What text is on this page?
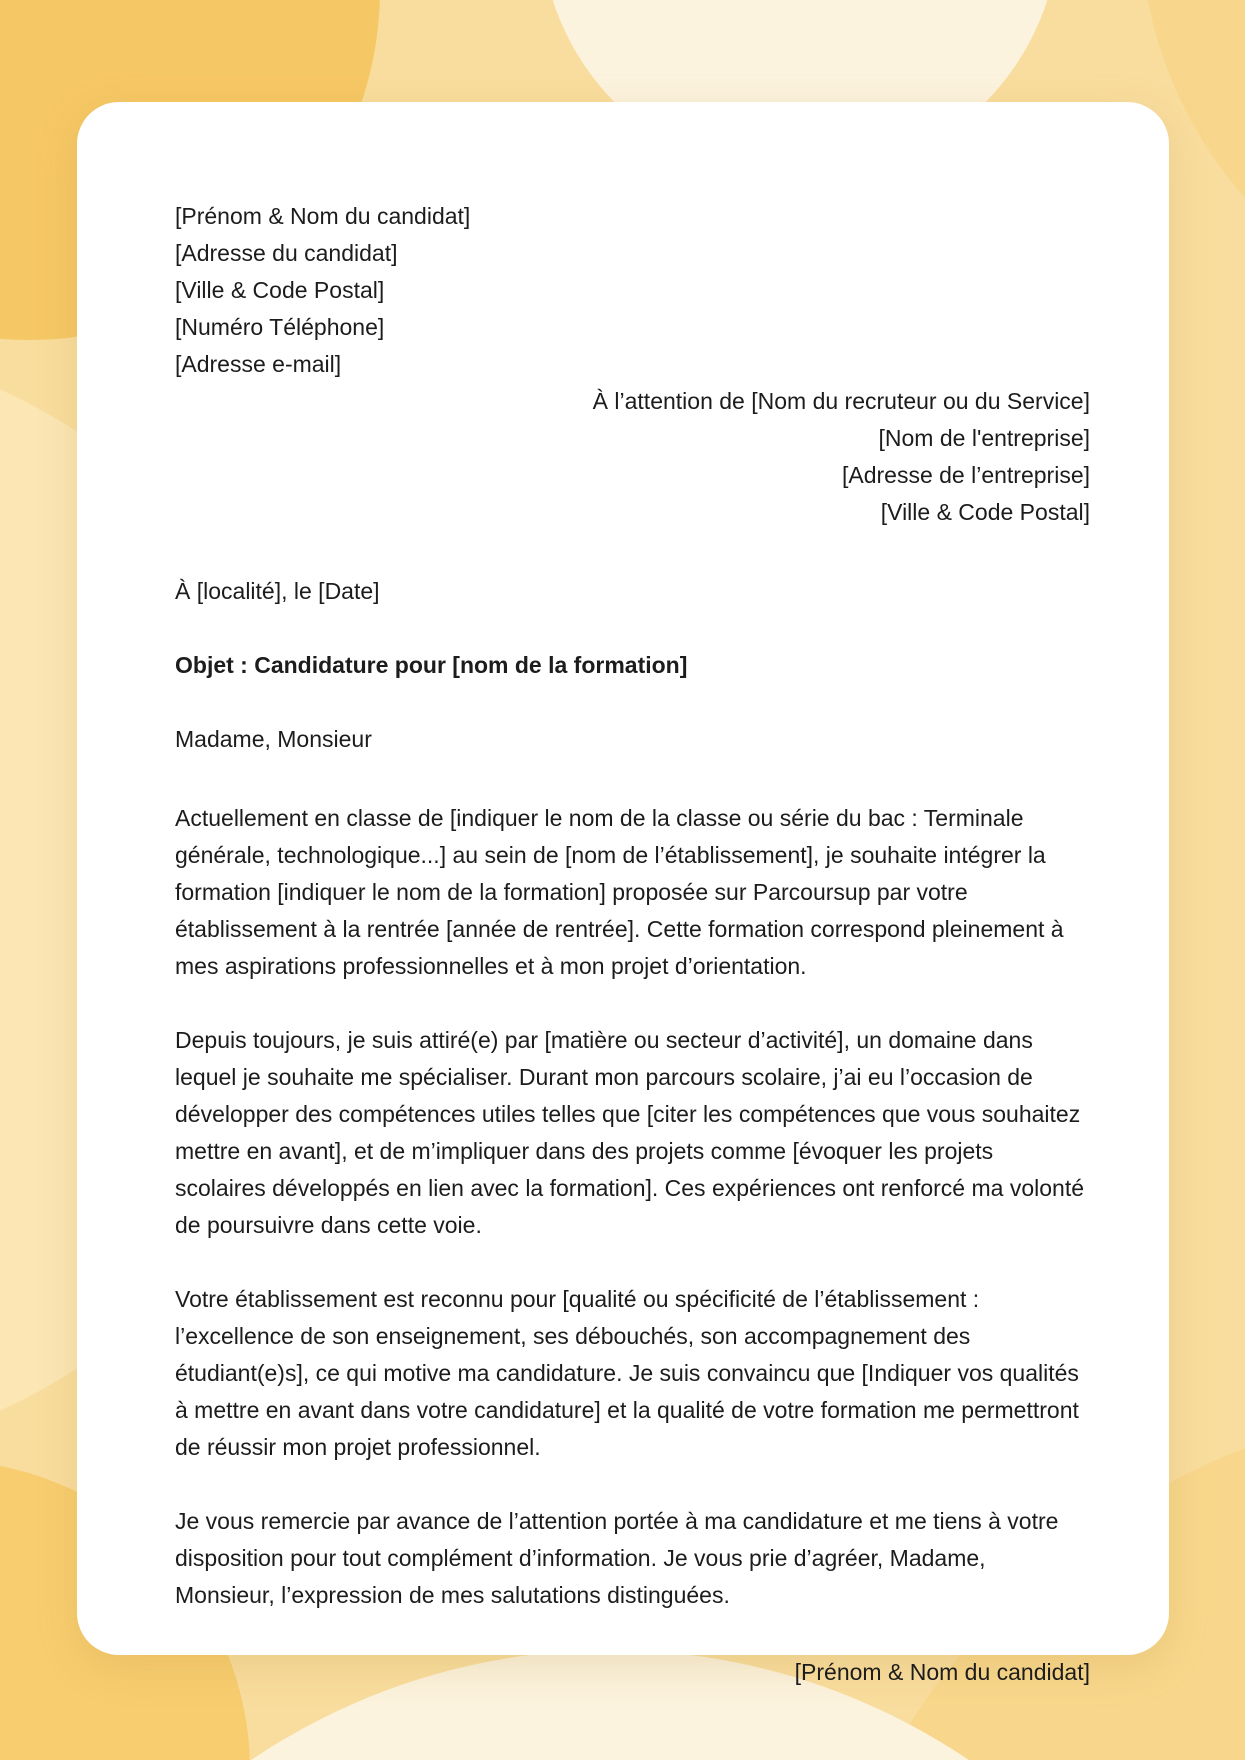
[Prénom & Nom du candidat]
[Adresse du candidat]
[Ville & Code Postal]
[Numéro Téléphone]
[Adresse e-mail]
À l’attention de [Nom du recruteur ou du Service]
[Nom de l'entreprise]
[Adresse de l’entreprise]
[Ville & Code Postal]

À [localité], le [Date]

Objet : Candidature pour [nom de la formation]

Madame, Monsieur

Actuellement en classe de [indiquer le nom de la classe ou série du bac : Terminale générale, technologique...] au sein de [nom de l’établissement], je souhaite intégrer la formation [indiquer le nom de la formation] proposée sur Parcoursup par votre établissement à la rentrée [année de rentrée]. Cette formation correspond pleinement à mes aspirations professionnelles et à mon projet d’orientation.

Depuis toujours, je suis attiré(e) par [matière ou secteur d’activité], un domaine dans lequel je souhaite me spécialiser. Durant mon parcours scolaire, j’ai eu l’occasion de développer des compétences utiles telles que [citer les compétences que vous souhaitez mettre en avant], et de m’impliquer dans des projets comme [évoquer les projets scolaires développés en lien avec la formation]. Ces expériences ont renforcé ma volonté de poursuivre dans cette voie.

Votre établissement est reconnu pour [qualité ou spécificité de l’établissement : l’excellence de son enseignement, ses débouchés, son accompagnement des étudiant(e)s], ce qui motive ma candidature. Je suis convaincu que [Indiquer vos qualités à mettre en avant dans votre candidature] et la qualité de votre formation me permettront de réussir mon projet professionnel.

Je vous remercie par avance de l’attention portée à ma candidature et me tiens à votre disposition pour tout complément d’information. Je vous prie d’agréer, Madame, Monsieur, l’expression de mes salutations distinguées.

[Prénom & Nom du candidat]
